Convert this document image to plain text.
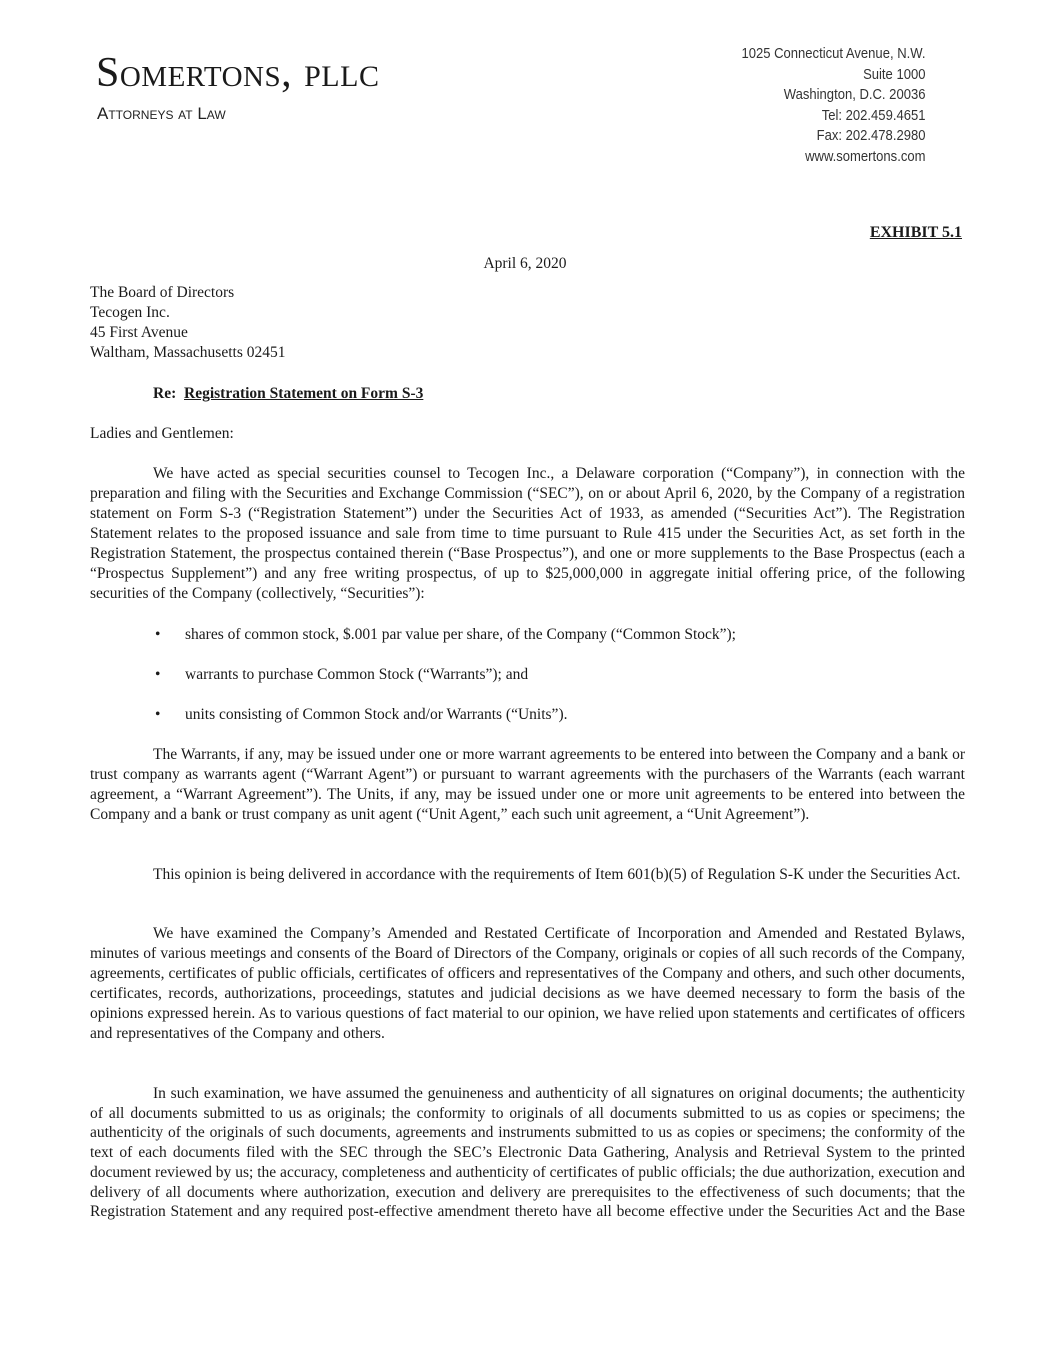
Somertons, PLLC
Attorneys at Law
1025 Connecticut Avenue, N.W.
Suite 1000
Washington, D.C. 20036
Tel: 202.459.4651
Fax: 202.478.2980
www.somertons.com
EXHIBIT 5.1
April 6, 2020
The Board of Directors
Tecogen Inc.
45 First Avenue
Waltham, Massachusetts 02451
Re: Registration Statement on Form S-3
Ladies and Gentlemen:
We have acted as special securities counsel to Tecogen Inc., a Delaware corporation (“Company”), in connection with the preparation and filing with the Securities and Exchange Commission (“SEC”), on or about April 6, 2020, by the Company of a registration statement on Form S-3 (“Registration Statement”) under the Securities Act of 1933, as amended (“Securities Act”). The Registration Statement relates to the proposed issuance and sale from time to time pursuant to Rule 415 under the Securities Act, as set forth in the Registration Statement, the prospectus contained therein (“Base Prospectus”), and one or more supplements to the Base Prospectus (each a “Prospectus Supplement”) and any free writing prospectus, of up to $25,000,000 in aggregate initial offering price, of the following securities of the Company (collectively, “Securities”):
• shares of common stock, $.001 par value per share, of the Company (“Common Stock”);
• warrants to purchase Common Stock (“Warrants”); and
• units consisting of Common Stock and/or Warrants (“Units”).
The Warrants, if any, may be issued under one or more warrant agreements to be entered into between the Company and a bank or trust company as warrants agent (“Warrant Agent”) or pursuant to warrant agreements with the purchasers of the Warrants (each warrant agreement, a “Warrant Agreement”). The Units, if any, may be issued under one or more unit agreements to be entered into between the Company and a bank or trust company as unit agent (“Unit Agent,” each such unit agreement, a “Unit Agreement”).
This opinion is being delivered in accordance with the requirements of Item 601(b)(5) of Regulation S-K under the Securities Act.
We have examined the Company’s Amended and Restated Certificate of Incorporation and Amended and Restated Bylaws, minutes of various meetings and consents of the Board of Directors of the Company, originals or copies of all such records of the Company, agreements, certificates of public officials, certificates of officers and representatives of the Company and others, and such other documents, certificates, records, authorizations, proceedings, statutes and judicial decisions as we have deemed necessary to form the basis of the opinions expressed herein. As to various questions of fact material to our opinion, we have relied upon statements and certificates of officers and representatives of the Company and others.
In such examination, we have assumed the genuineness and authenticity of all signatures on original documents; the authenticity of all documents submitted to us as originals; the conformity to originals of all documents submitted to us as copies or specimens; the authenticity of the originals of such documents, agreements and instruments submitted to us as copies or specimens; the conformity of the text of each documents filed with the SEC through the SEC’s Electronic Data Gathering, Analysis and Retrieval System to the printed document reviewed by us; the accuracy, completeness and authenticity of certificates of public officials; the due authorization, execution and delivery of all documents where authorization, execution and delivery are prerequisites to the effectiveness of such documents; that the Registration Statement and any required post-effective amendment thereto have all become effective under the Securities Act and the Base
